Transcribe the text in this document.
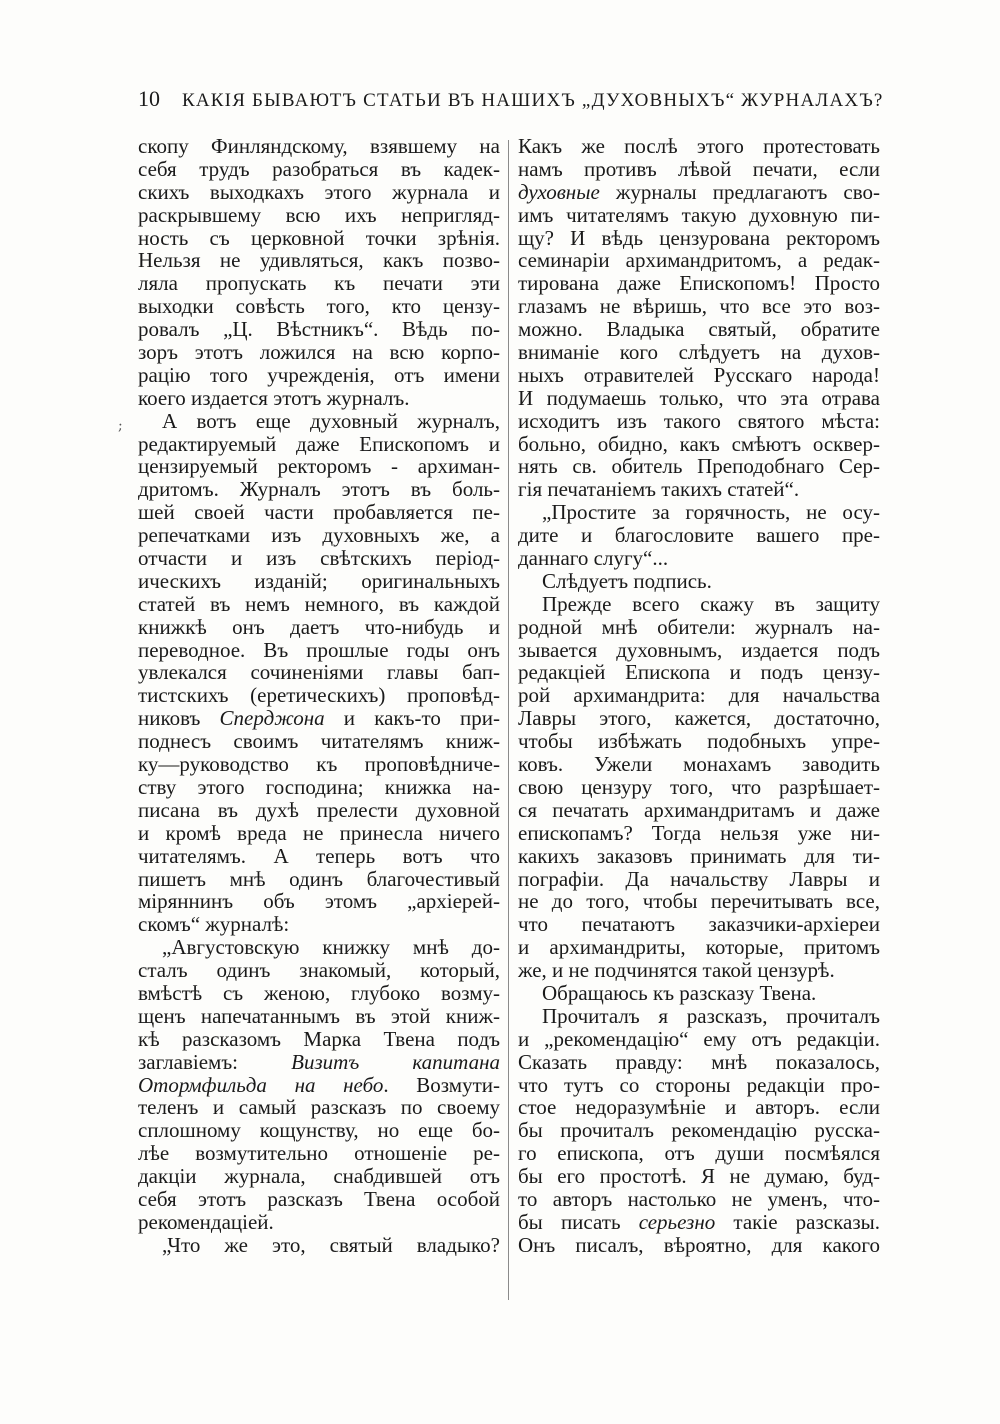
10 КАКІЯ БЫВАЮТЪ СТАТЬИ ВЪ НАШИХЪ „ДУХОВНЫХЪ“ ЖУРНАЛАХЪ?
;
скопу Финляндскому, взявшему на
себя трудъ разобраться въ кадек-
скихъ выходкахъ этого журнала и
раскрывшему всю ихъ непригляд-
ность съ церковной точки зрѣнія.
Нельзя не удивляться, какъ позво-
ляла пропускать къ печати эти
выходки совѣсть того, кто цензу-
ровалъ „Ц. Вѣстникъ“. Вѣдь по-
зоръ этотъ ложился на всю корпо-
рацію того учрежденія, отъ имени
коего издается этотъ журналъ.
А вотъ еще духовный журналъ,
редактируемый даже Епископомъ и
цензируемый ректоромъ - архиман-
дритомъ. Журналъ этотъ въ боль-
шей своей части пробавляется пе-
репечатками изъ духовныхъ же, а
отчасти и изъ свѣтскихъ період-
ическихъ изданій; оригинальныхъ
статей въ немъ немного, въ каждой
книжкѣ онъ даетъ что-нибудь и
переводное. Въ прошлые годы онъ
увлекался сочиненіями главы бап-
тистскихъ (еретическихъ) проповѣд-
никовъ Сперджона и какъ-то при-
поднесъ своимъ читателямъ книж-
ку—руководство къ проповѣдниче-
ству этого господина; книжка на-
писана въ духѣ прелести духовной
и кромѣ вреда не принесла ничего
читателямъ. А теперь вотъ что
пишетъ мнѣ одинъ благочестивый
міряннинъ объ этомъ „архіерей-
скомъ“ журналѣ:
„Августовскую книжку мнѣ до-
сталъ одинъ знакомый, который,
вмѣстѣ съ женою, глубоко возму-
щенъ напечатаннымъ въ этой книж-
кѣ разсказомъ Марка Твена подъ
заглавіемъ: Визитъ капитана
Отормфильда на небо. Возмути-
теленъ и самый разсказъ по своему
сплошному кощунству, но еще бо-
лѣе возмутительно отношеніе ре-
дакціи журнала, снабдившей отъ
себя этотъ разсказъ Твена особой
рекомендацiей.
„Что же это, святый владыко?
Какъ же послѣ этого протестовать
намъ противъ лѣвой печати, если
духовные журналы предлагаютъ сво-
имъ читателямъ такую духовную пи-
щу? И вѣдь цензурована ректоромъ
семинаріи архимандритомъ, а редак-
тирована даже Епископомъ! Просто
глазамъ не вѣришь, что все это воз-
можно. Владыка святый, обратите
вниманіе кого слѣдуетъ на духов-
ныхъ отравителей Русскаго народа!
И подумаешь только, что эта отрава
исходитъ изъ такого святого мѣста:
больно, обидно, какъ смѣютъ осквер-
нять св. обитель Преподобнаго Сер-
гія печатаніемъ такихъ статей“.
„Простите за горячность, не осу-
дите и благословите вашего пре-
даннаго слугу“...
Слѣдуетъ подпись.
Прежде всего скажу въ защиту
родной мнѣ обители: журналъ на-
зывается духовнымъ, издается подъ
редакціей Епископа и подъ цензу-
рой архимандрита: для начальства
Лавры этого, кажется, достаточно,
чтобы избѣжать подобныхъ упре-
ковъ. Ужели монахамъ заводить
свою цензуру того, что разрѣшает-
ся печатать архимандритамъ и даже
епископамъ? Тогда нельзя уже ни-
какихъ заказовъ принимать для ти-
пографіи. Да начальству Лавры и
не до того, чтобы перечитывать все,
что печатаютъ заказчики-архіереи
и архимандриты, которые, притомъ
же, и не подчинятся такой цензурѣ.
Обращаюсь къ разсказу Твена.
Прочиталъ я разсказъ, прочиталъ
и „рекомендацію“ ему отъ редакціи.
Сказать правду: мнѣ показалось,
что тутъ со стороны редакціи про-
стое недоразумѣніе и авторъ. если
бы прочиталъ рекомендацію русска-
го епископа, отъ души посмѣялся
бы его простотѣ. Я не думаю, буд-
то авторъ настолько не уменъ, что-
бы писать серьезно такіе разсказы.
Онъ писалъ, вѣроятно, для какого
